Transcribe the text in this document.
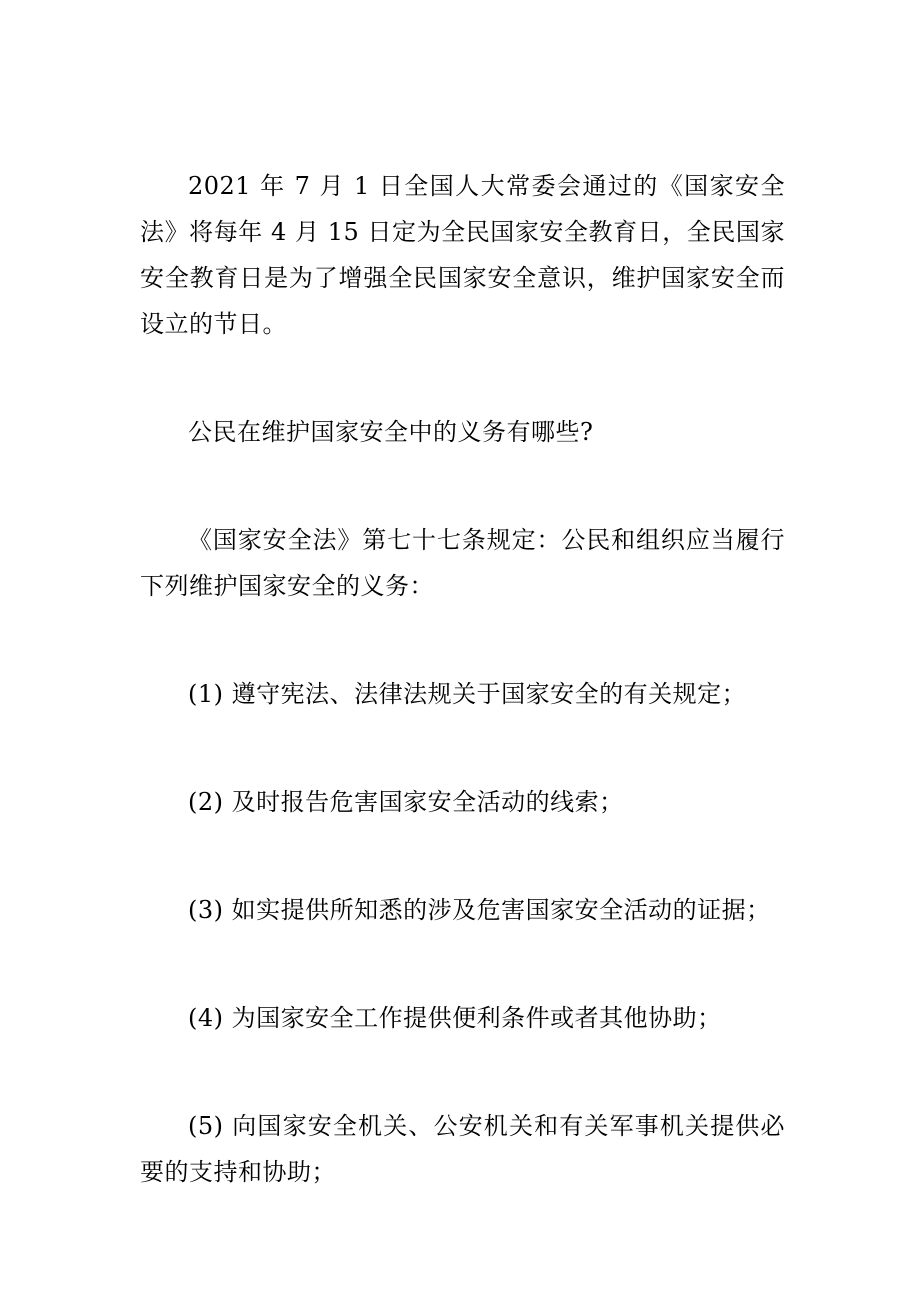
2021 年 7 月 1 日全国人大常委会通过的《国家安全法》将每年 4 月 15 日定为全民国家安全教育日，全民国家安全教育日是为了增强全民国家安全意识，维护国家安全而设立的节日。

公民在维护国家安全中的义务有哪些?

《国家安全法》第七十七条规定：公民和组织应当履行下列维护国家安全的义务：

(1) 遵守宪法、法律法规关于国家安全的有关规定；

(2) 及时报告危害国家安全活动的线索；

(3) 如实提供所知悉的涉及危害国家安全活动的证据；

(4) 为国家安全工作提供便利条件或者其他协助；

(5) 向国家安全机关、公安机关和有关军事机关提供必要的支持和协助；
